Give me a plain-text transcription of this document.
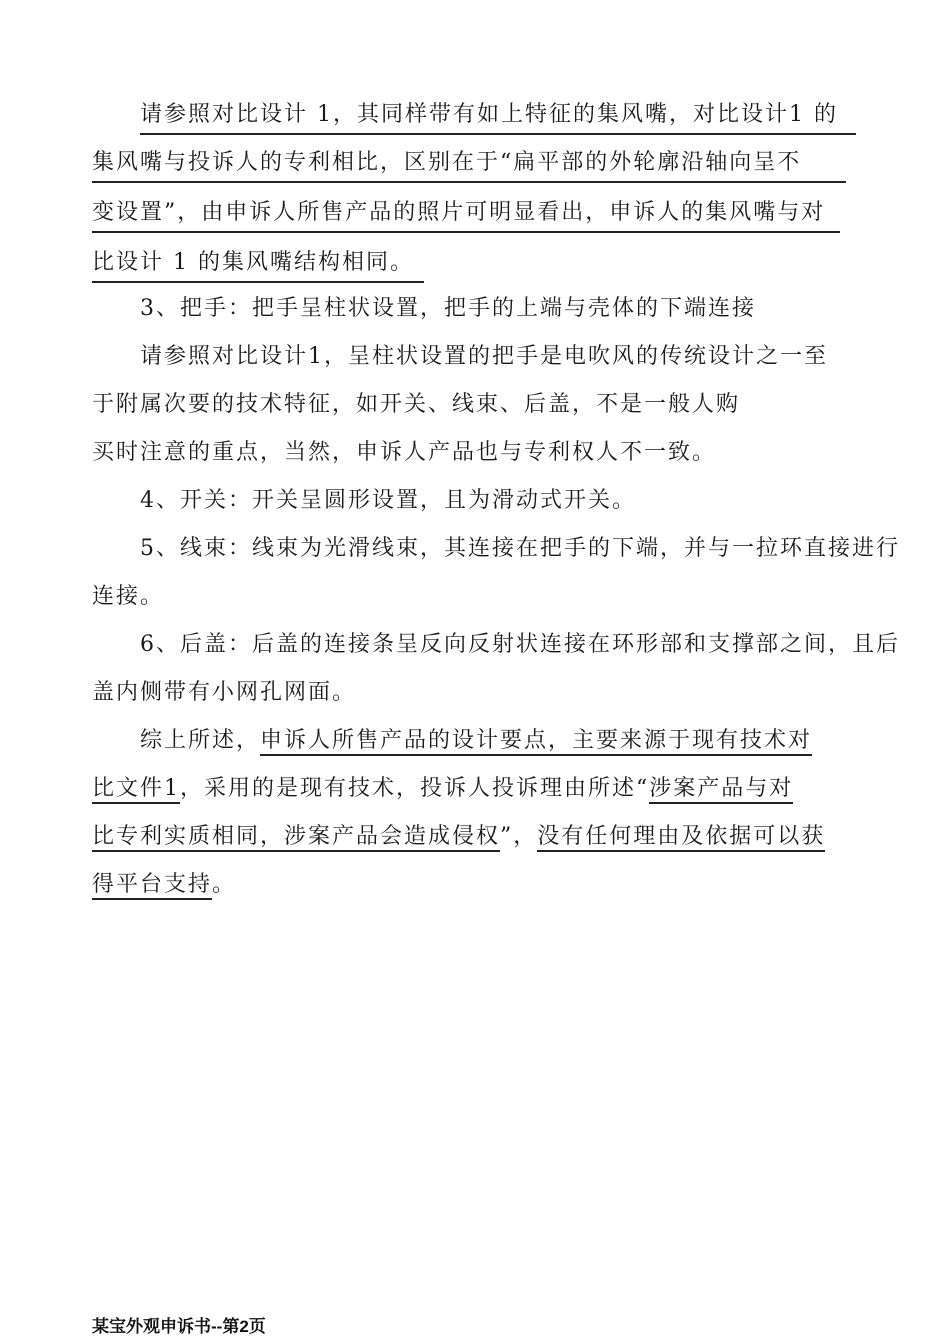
请参照对比设计 1，其同样带有如上特征的集风嘴，对比设计1 的
集风嘴与投诉人的专利相比，区别在于“扁平部的外轮廓沿轴向呈不
变设置”，由申诉人所售产品的照片可明显看出，申诉人的集风嘴与对
比设计 1 的集风嘴结构相同。
3、把手：把手呈柱状设置，把手的上端与壳体的下端连接
请参照对比设计1，呈柱状设置的把手是电吹风的传统设计之一至
于附属次要的技术特征，如开关、线束、后盖，不是一般人购
买时注意的重点，当然，申诉人产品也与专利权人不一致。
4、开关：开关呈圆形设置，且为滑动式开关。
5、线束：线束为光滑线束，其连接在把手的下端，并与一拉环直接进行
连接。
6、后盖：后盖的连接条呈反向反射状连接在环形部和支撑部之间，且后
盖内侧带有小网孔网面。
综上所述，申诉人所售产品的设计要点，主要来源于现有技术对
比文件1，采用的是现有技术，投诉人投诉理由所述“涉案产品与对
比专利实质相同，涉案产品会造成侵权”，没有任何理由及依据可以获
得平台支持。
某宝外观申诉书--第2页
